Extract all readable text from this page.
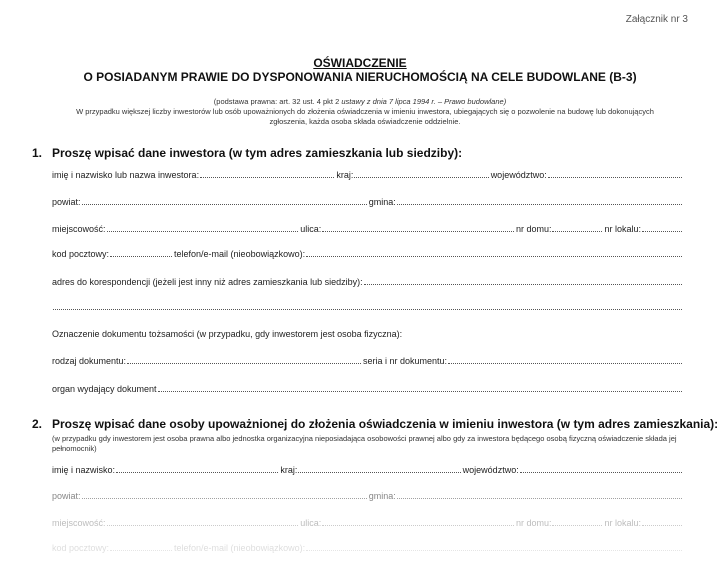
Załącznik nr 3
OŚWIADCZENIE
O POSIADANYM PRAWIE DO DYSPONOWANIA NIERUCHOMOŚCIĄ NA CELE BUDOWLANE (B-3)
(podstawa prawna: art. 32 ust. 4 pkt 2 ustawy z dnia 7 lipca 1994 r. – Prawo budowlane)
W przypadku większej liczby inwestorów lub osób upoważnionych do złożenia oświadczenia w imieniu inwestora, ubiegających się o pozwolenie na budowę lub dokonujących zgłoszenia, każda osoba składa oświadczenie oddzielnie.
1. Proszę wpisać dane inwestora (w tym adres zamieszkania lub siedziby):
imię i nazwisko lub nazwa inwestora:	kraj:	województwo:
powiat:	gmina:
miejscowość:	ulica:	nr domu:	nr lokalu:
kod pocztowy:	telefon/e-mail (nieobowiązkowo):
adres do korespondencji (jeżeli jest inny niż adres zamieszkania lub siedziby):
Oznaczenie dokumentu tożsamości (w przypadku, gdy inwestorem jest osoba fizyczna):
rodzaj dokumentu:	seria i nr dokumentu:
organ wydający dokument
2. Proszę wpisać dane osoby upoważnionej do złożenia oświadczenia w imieniu inwestora (w tym adres zamieszkania):
(w przypadku gdy inwestorem jest osoba prawna albo jednostka organizacyjna nieposiadająca osobowości prawnej albo gdy za inwestora będącego osobą fizyczną oświadczenie składa jej pełnomocnik)
imię i nazwisko:	kraj:	województwo:
powiat:	gmina:
miejscowość:	ulica:	nr domu:	nr lokalu:
kod pocztowy:	telefon/e-mail (nieobowiązkowo):
